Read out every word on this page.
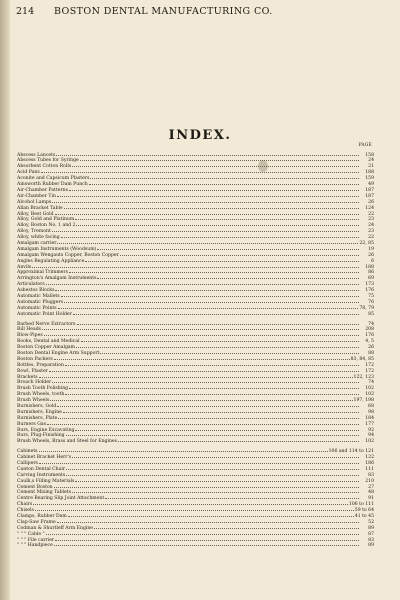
214	BOSTON DENTAL MANUFACTURING CO.
INDEX.
PAGE
Abscess Lancets	158
Abscess Tubes for Syringe	24
Absorbent Cotton Rolls	21
Acid Pans	188
Aconite and Capsicum Plasters	159
Ainsworth Rubber Dam Punch	49
Air-Chamber Patterns	187
Air-Chamber Tin	187
Alcohol Lamps	26
Allan Bracket Table	124
Alloy, Best Gold	22
Alloy, Gold and Platinum	23
Alloy, Boston No. 1 and 2	24
Alloy, Tremont	23
Alloy, white facing	22
Amalgam carrier	22, 85
Amalgam Instruments (Woodsum)	19
Amalgam Wengauts Copper, Boston Copper	26
Angles Regulating Appliance	6
Anvils	188
Approximal Trimmers	86
Arrington's Amalgam Instruments	69
Articulators	173
Asbestos Blocks	176
Automatic Mallets	75
Automatic Pluggers	76
Automatic Points	78, 79
Automatic Point Holder	85
Barbed Nerve Extractors	74
Bill Heads	208
Blow-Pipes	176
Books, Dental and Medical	4, 5
Boston Copper Amalgam	26
Boston Dental Engine Arm Support	88
Boston Packers	83, 84, 85
Bottles, Preparation	172
Bowl, Plaster	172
Brackets	122, 123
Broach Holder	74
Brush Tooth Polishing	102
Brush Wheels, tooth	102
Brush Wheels	197, 198
Burnishers, Gold	68
Burnishers, Engine	98
Burnishers, Plate	184
Burners Gas	177
Burs, Engine Excavating	92
Burs, Plug-Finishing	94
Brush Wheels, Brass and Steel for Engines	102
Cabinets	106 and 114 to 121
Cabinet Bracket Herr's	122
Callipers	186
Canton Dental Chair	111
Carving Instruments	83
Caulk,s Filling Materials	210
Cement Boston	27
Cement Mixing Tablets	48
Centre Bearing Slip Joint Attachment	91
Chairs	106 to 111
Chisels	59 to 64
Clamps, Rubber Dam	41 to 45
Clap-Saw Frame	52
Codman & Shurtleff Arm Engine	89
" " " Cable "	87
" " " File carrier	83
" " " Handpiece	89
